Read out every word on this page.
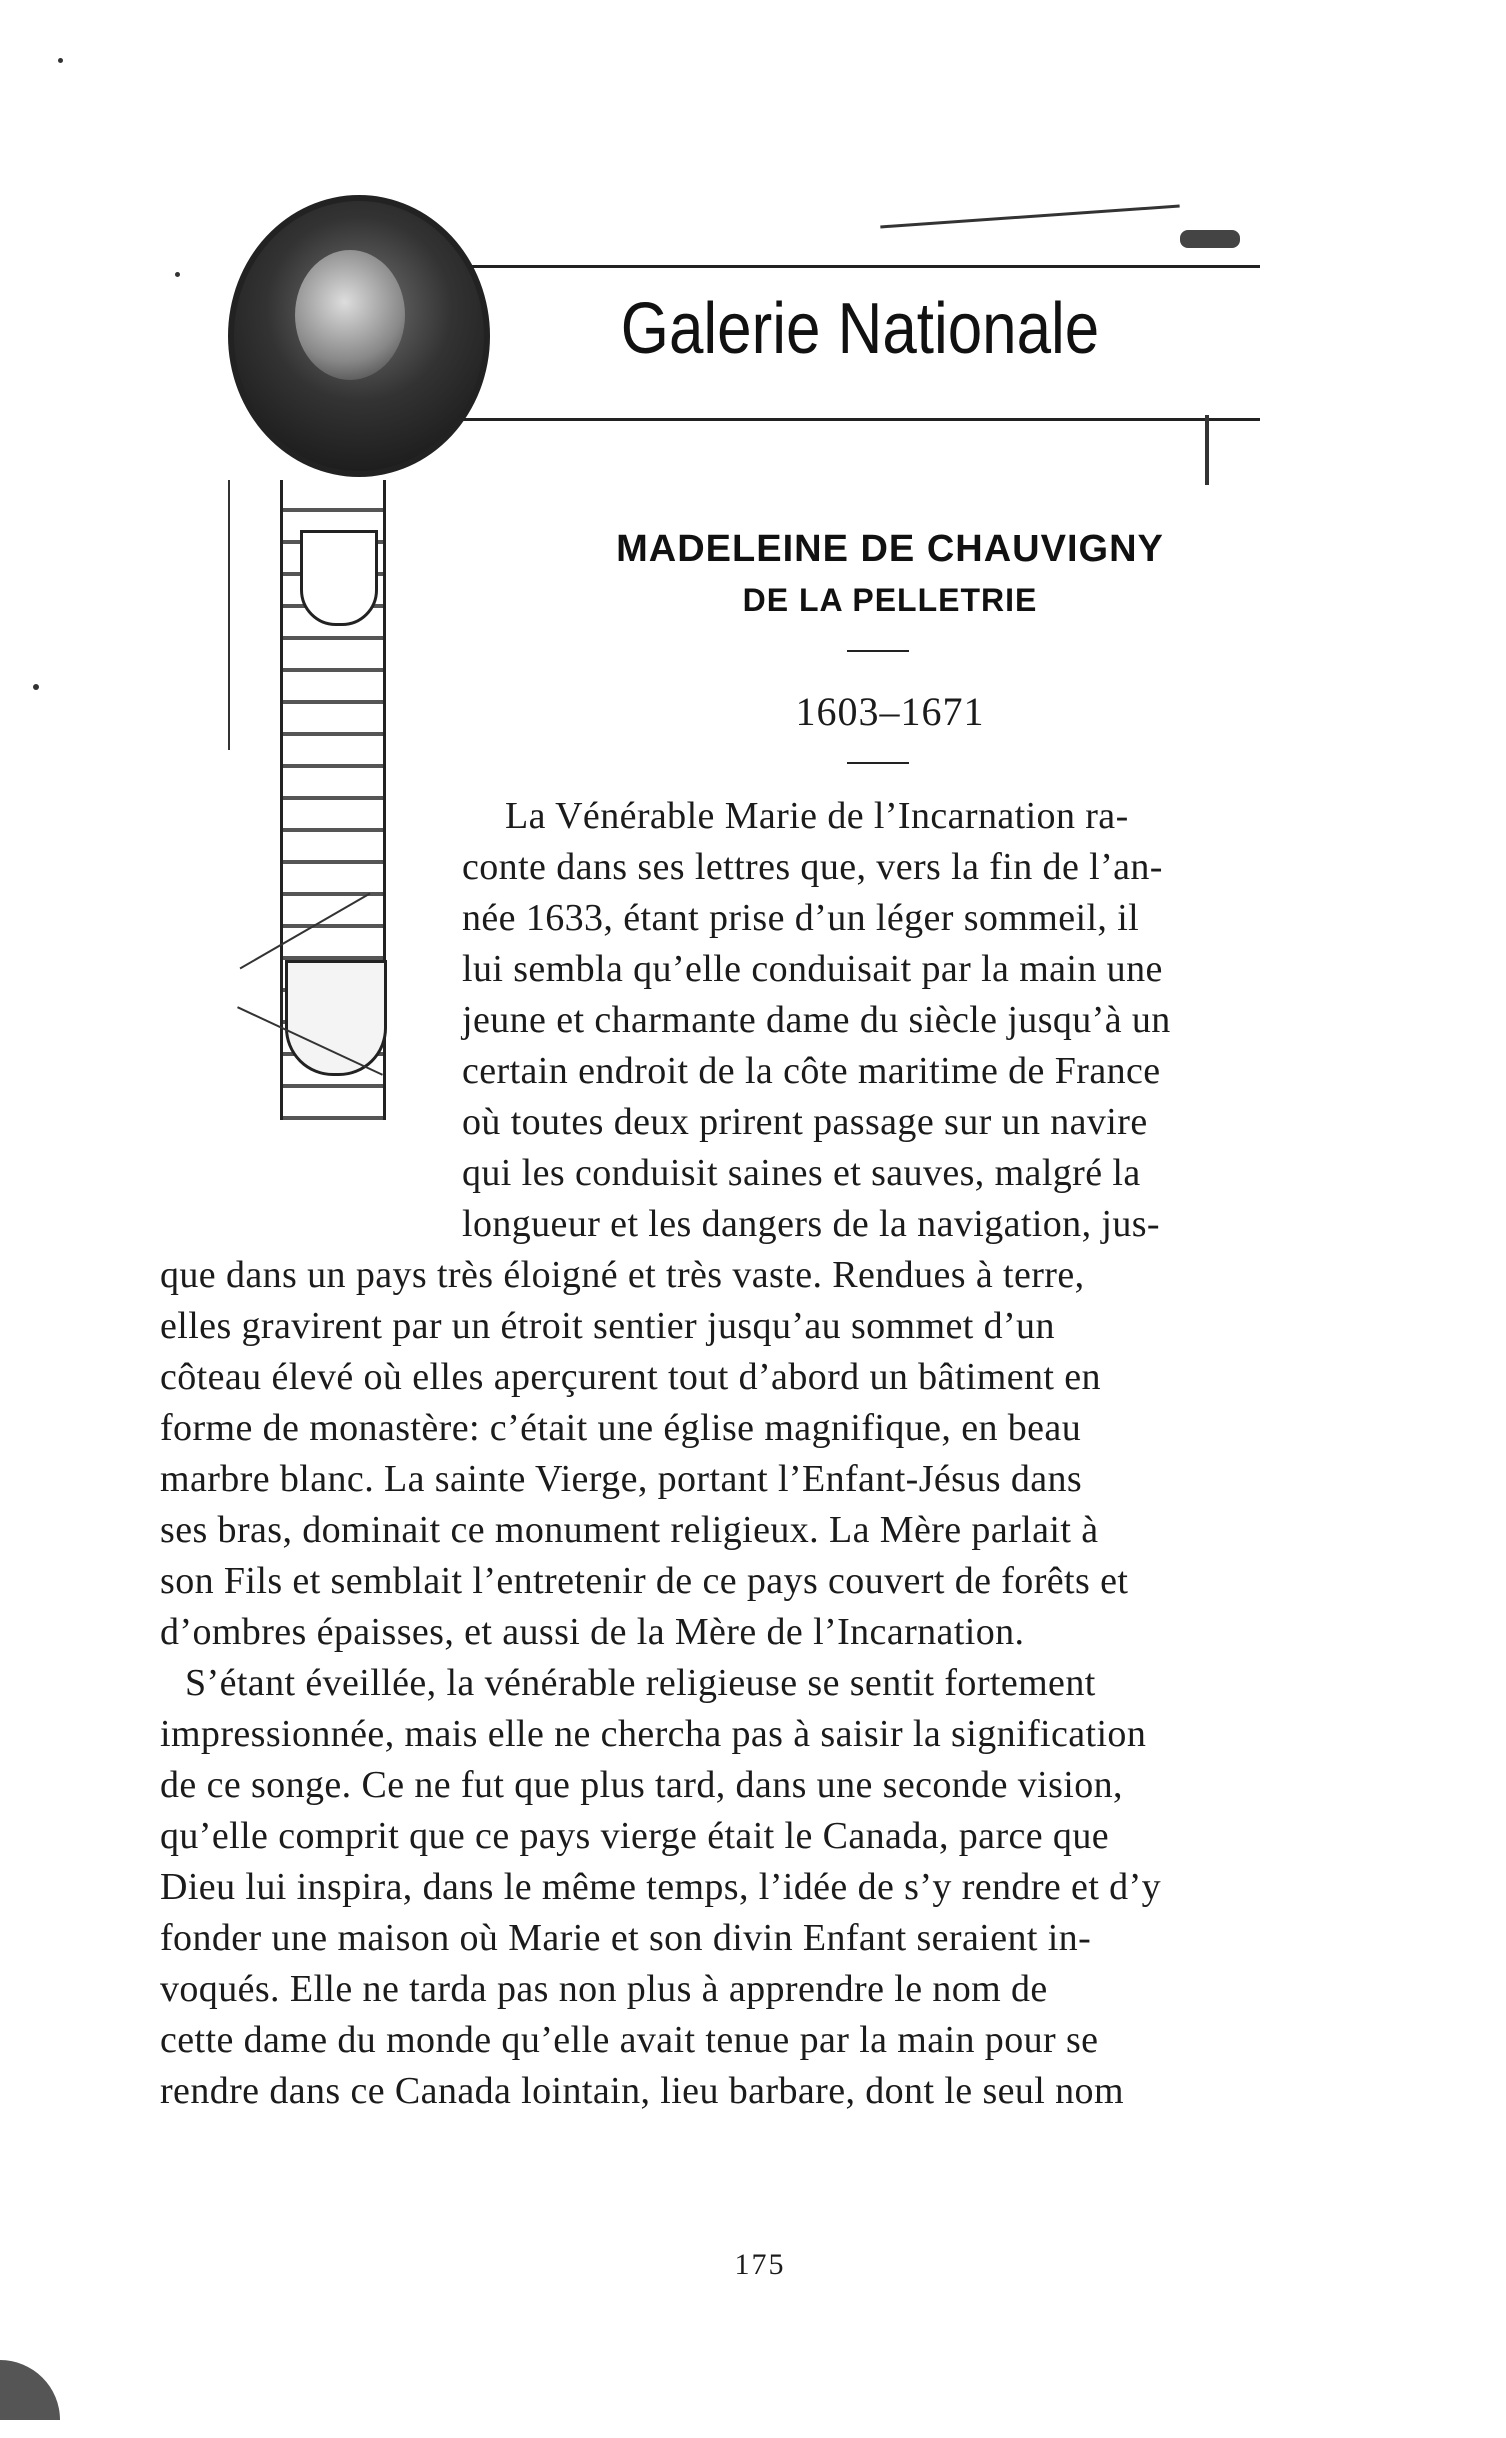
Galerie Nationale
MADELEINE DE CHAUVIGNY
DE LA PELLETRIE
1603–1671
La Vénérable Marie de l’Incarnation ra-
conte dans ses lettres que, vers la fin de l’an-
née 1633, étant prise d’un léger sommeil, il
lui sembla qu’elle conduisait par la main une
jeune et charmante dame du siècle jusqu’à un
certain endroit de la côte maritime de France
où toutes deux prirent passage sur un navire
qui les conduisit saines et sauves, malgré la
longueur et les dangers de la navigation, jus-
que dans un pays très éloigné et très vaste. Rendues à terre,
elles gravirent par un étroit sentier jusqu’au sommet d’un
côteau élevé où elles aperçurent tout d’abord un bâtiment en
forme de monastère: c’était une église magnifique, en beau
marbre blanc. La sainte Vierge, portant l’Enfant-Jésus dans
ses bras, dominait ce monument religieux. La Mère parlait à
son Fils et semblait l’entretenir de ce pays couvert de forêts et
d’ombres épaisses, et aussi de la Mère de l’Incarnation.
S’étant éveillée, la vénérable religieuse se sentit fortement
impressionnée, mais elle ne chercha pas à saisir la signification
de ce songe. Ce ne fut que plus tard, dans une seconde vision,
qu’elle comprit que ce pays vierge était le Canada, parce que
Dieu lui inspira, dans le même temps, l’idée de s’y rendre et d’y
fonder une maison où Marie et son divin Enfant seraient in-
voqués. Elle ne tarda pas non plus à apprendre le nom de
cette dame du monde qu’elle avait tenue par la main pour se
rendre dans ce Canada lointain, lieu barbare, dont le seul nom
175
